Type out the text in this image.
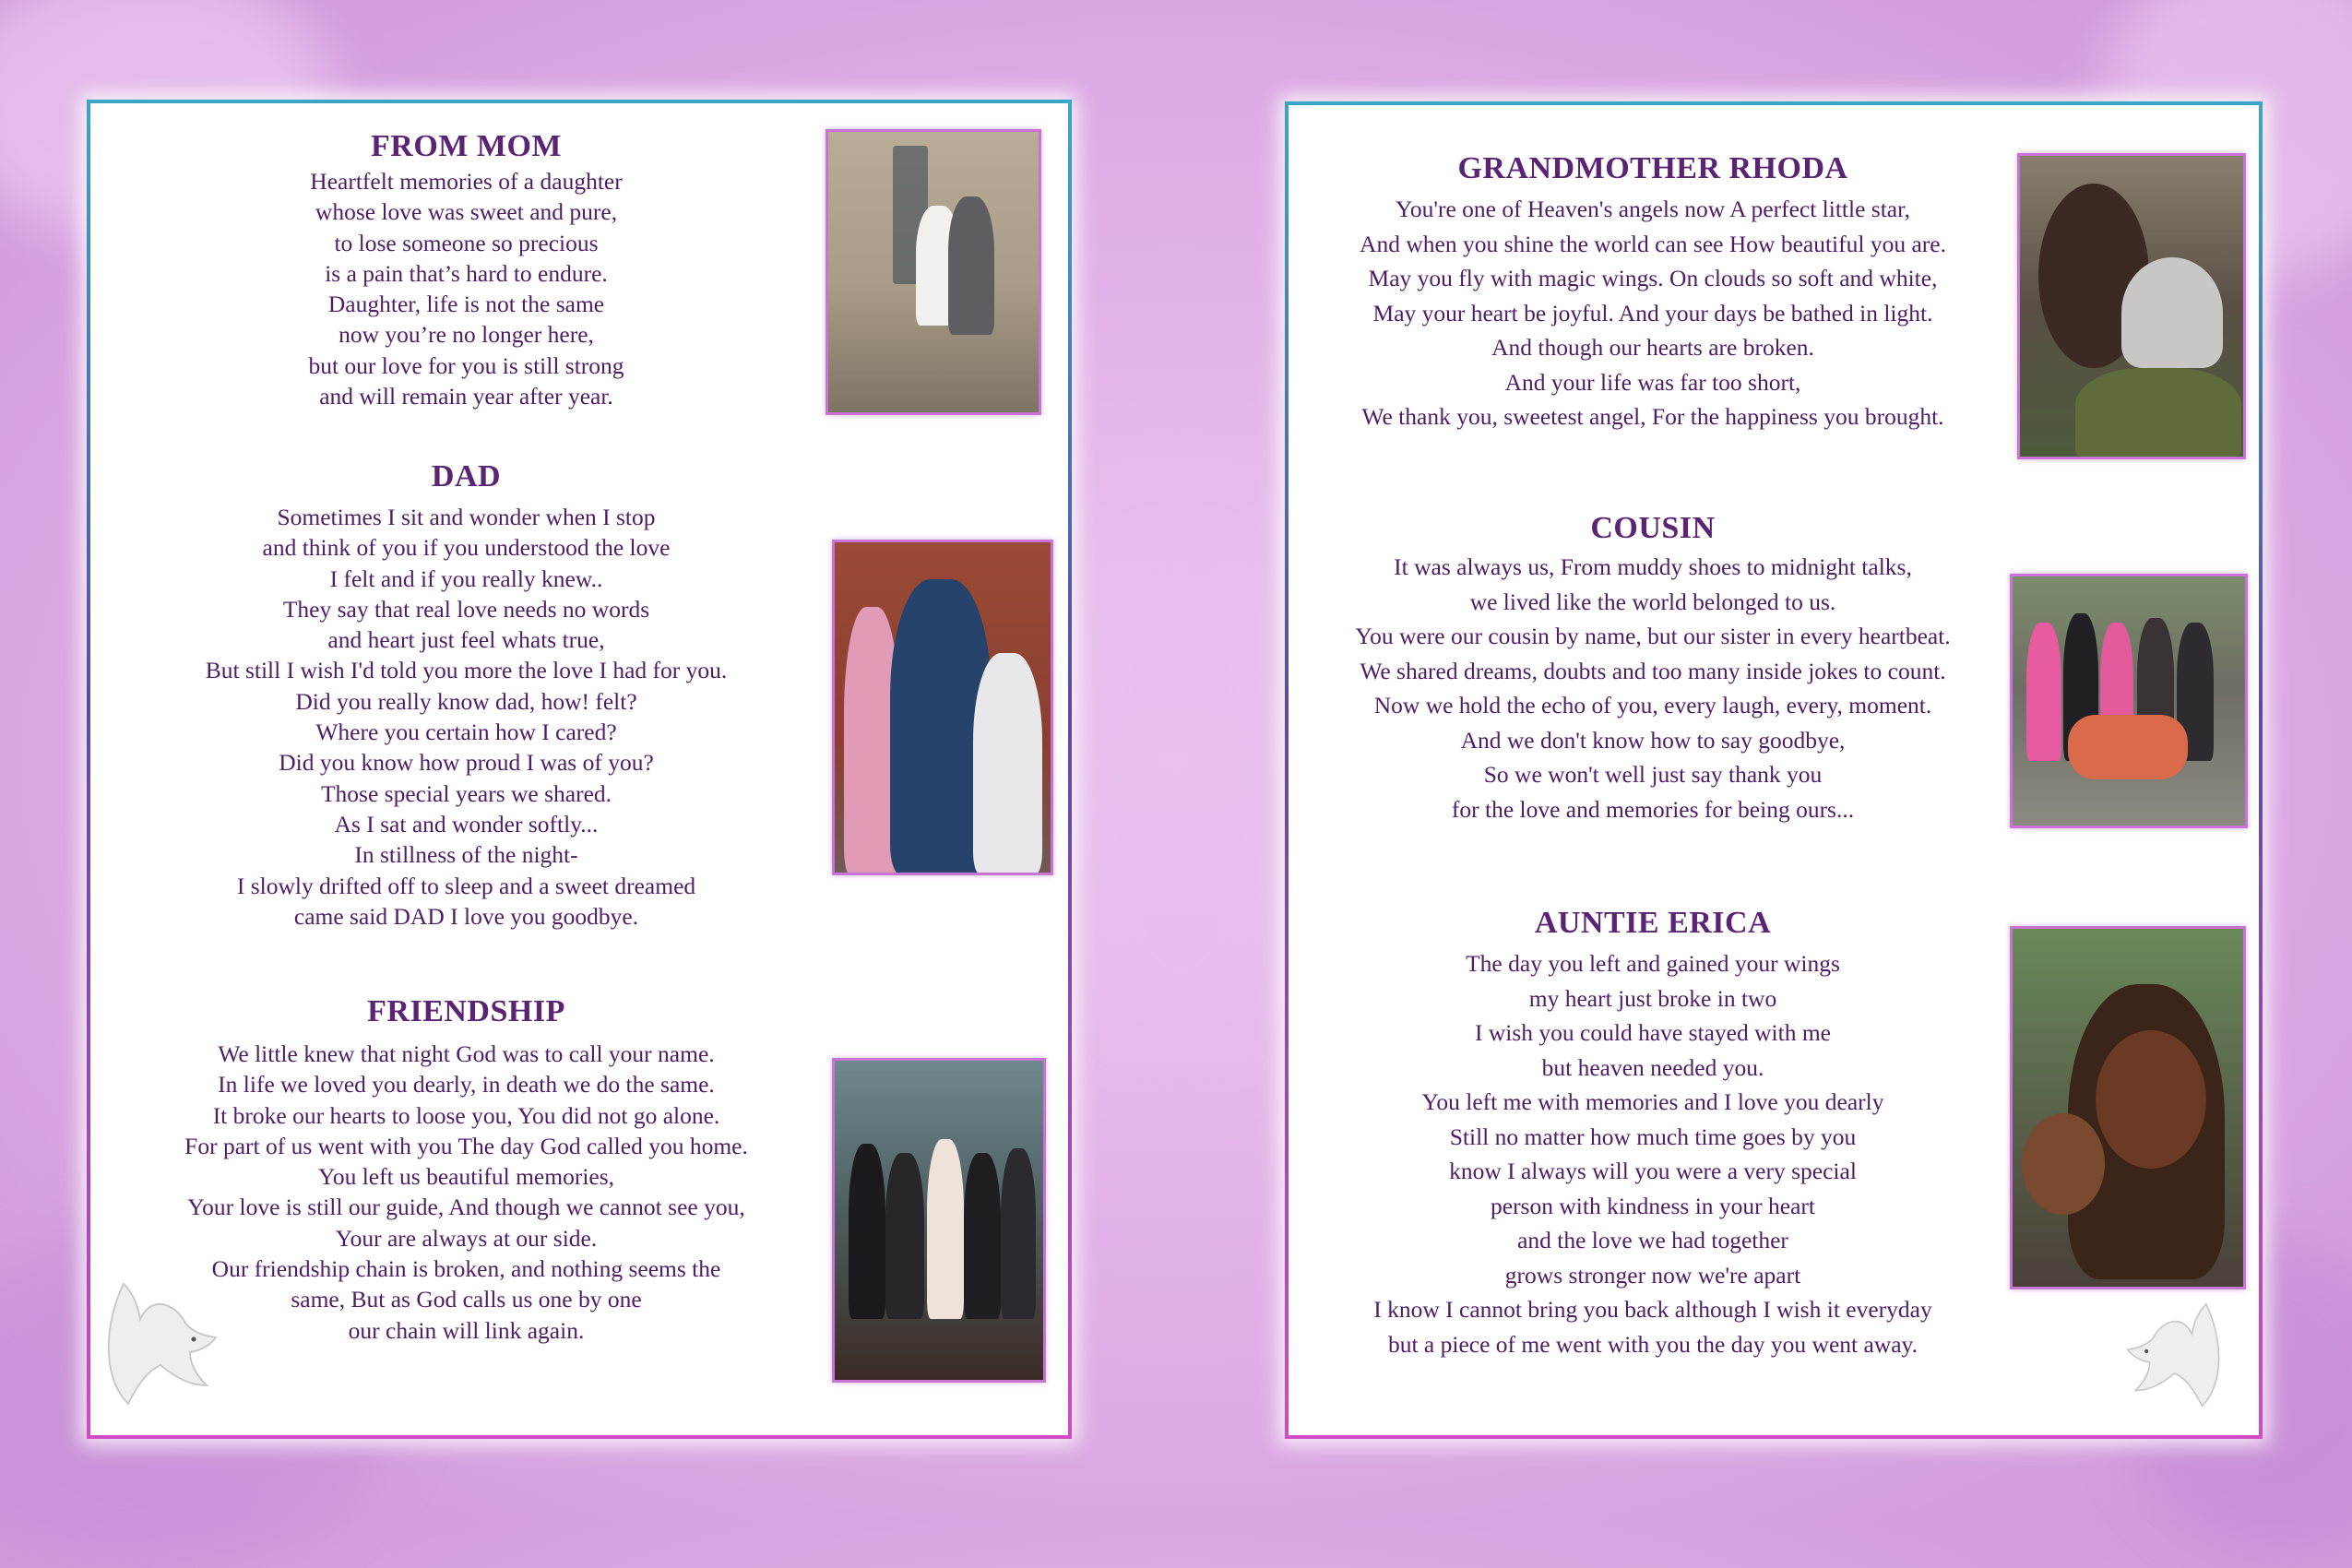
FROM MOM
Heartfelt memories of a daughter
whose love was sweet and pure,
to lose someone so precious
is a pain that’s hard to endure.
Daughter, life is not the same
now you’re no longer here,
but our love for you is still strong
and will remain year after year.
DAD
Sometimes I sit and wonder when I stop
and think of you if you understood the love
I felt and if you really knew..
They say that real love needs no words
and heart just feel whats true,
But still I wish I'd told you more the love I had for you.
Did you really know dad, how! felt?
Where you certain how I cared?
Did you know how proud I was of you?
Those special years we shared.
As I sat and wonder softly...
In stillness of the night-
I slowly drifted off to sleep and a sweet dreamed
came said DAD I love you goodbye.
FRIENDSHIP
We little knew that night God was to call your name.
In life we loved you dearly, in death we do the same.
It broke our hearts to loose you, You did not go alone.
For part of us went with you The day God called you home.
You left us beautiful memories,
Your love is still our guide, And though we cannot see you,
Your are always at our side.
Our friendship chain is broken, and nothing seems the
same, But as God calls us one by one
our chain will link again.
GRANDMOTHER RHODA
You're one of Heaven's angels now A perfect little star,
And when you shine the world can see How beautiful you are.
May you fly with magic wings. On clouds so soft and white,
May your heart be joyful. And your days be bathed in light.
And though our hearts are broken.
And your life was far too short,
We thank you, sweetest angel, For the happiness you brought.
COUSIN
It was always us, From muddy shoes to midnight talks,
we lived like the world belonged to us.
You were our cousin by name, but our sister in every heartbeat.
We shared dreams, doubts and too many inside jokes to count.
Now we hold the echo of you, every laugh, every, moment.
And we don't know how to say goodbye,
So we won't well just say thank you
for the love and memories for being ours...
AUNTIE ERICA
The day you left and gained your wings
my heart just broke in two
I wish you could have stayed with me
but heaven needed you.
You left me with memories and I love you dearly
Still no matter how much time goes by you
know I always will you were a very special
person with kindness in your heart
and the love we had together
grows stronger now we're apart
I know I cannot bring you back although I wish it everyday
but a piece of me went with you the day you went away.
